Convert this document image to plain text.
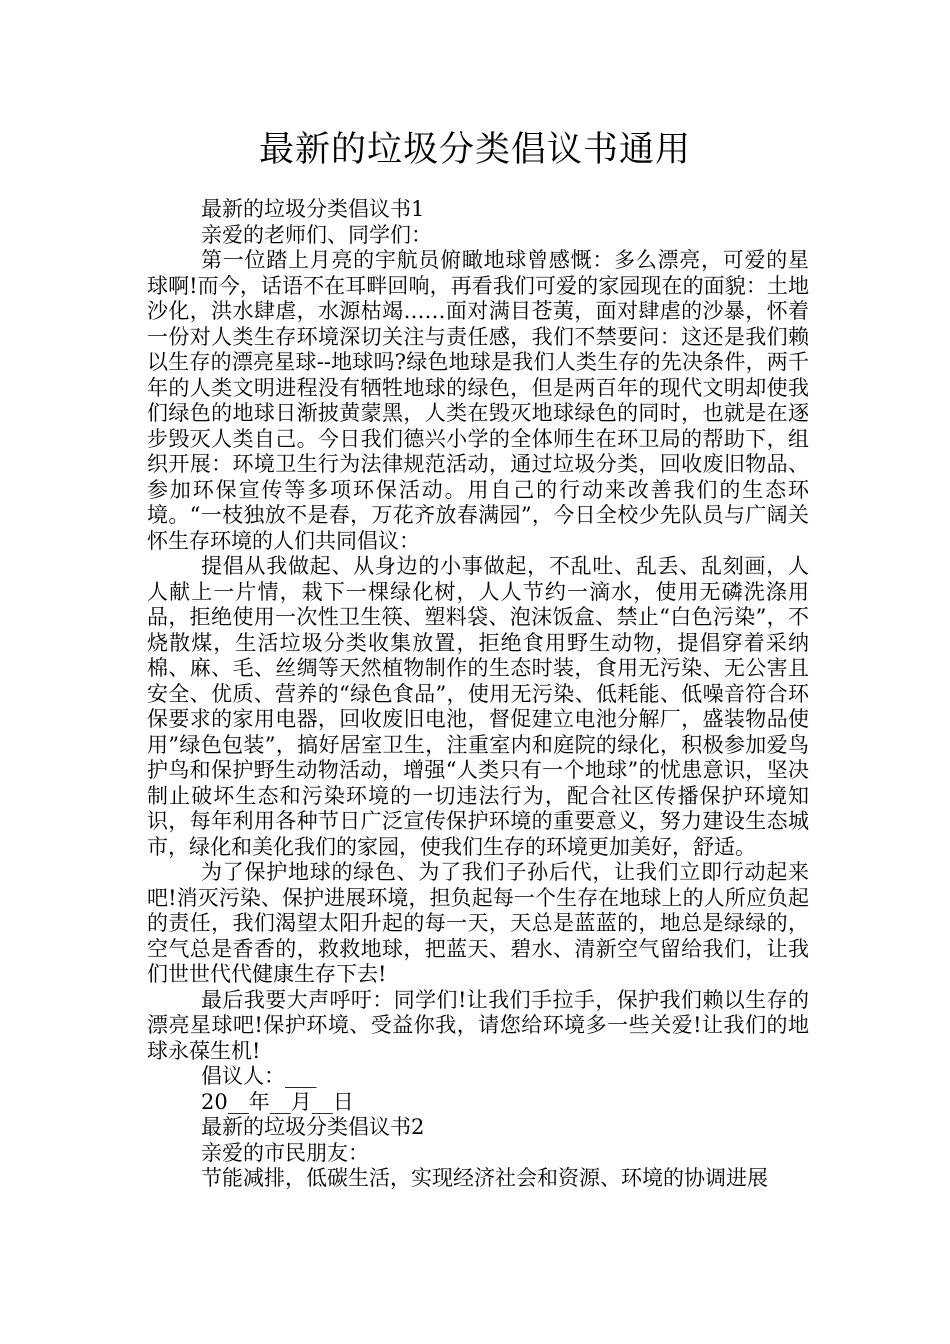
最新的垃圾分类倡议书通用

最新的垃圾分类倡议书1

亲爱的老师们、同学们：

第一位踏上月亮的宇航员俯瞰地球曾感慨：多么漂亮，可爱的星球啊!而今，话语不在耳畔回响，再看我们可爱的家园现在的面貌：土地沙化，洪水肆虐，水源枯竭……面对满目苍荑，面对肆虐的沙暴，怀着一份对人类生存环境深切关注与责任感，我们不禁要问：这还是我们赖以生存的漂亮星球--地球吗?绿色地球是我们人类生存的先决条件，两千年的人类文明进程没有牺牲地球的绿色，但是两百年的现代文明却使我们绿色的地球日渐披黄蒙黑，人类在毁灭地球绿色的同时，也就是在逐步毁灭人类自己。今日我们德兴小学的全体师生在环卫局的帮助下，组织开展：环境卫生行为法律规范活动，通过垃圾分类，回收废旧物品、参加环保宣传等多项环保活动。用自己的行动来改善我们的生态环境。“一枝独放不是春，万花齐放春满园”，今日全校少先队员与广阔关怀生存环境的人们共同倡议：

提倡从我做起、从身边的小事做起，不乱吐、乱丢、乱刻画，人人献上一片情，栽下一棵绿化树，人人节约一滴水，使用无磷洗涤用品，拒绝使用一次性卫生筷、塑料袋、泡沫饭盒、禁止“白色污染”，不烧散煤，生活垃圾分类收集放置，拒绝食用野生动物，提倡穿着采纳棉、麻、毛、丝绸等天然植物制作的生态时装，食用无污染、无公害且安全、优质、营养的“绿色食品”，使用无污染、低耗能、低噪音符合环保要求的家用电器，回收废旧电池，督促建立电池分解厂，盛装物品使用”绿色包装”，搞好居室卫生，注重室内和庭院的绿化，积极参加爱鸟护鸟和保护野生动物活动，增强“人类只有一个地球”的忧患意识，坚决制止破坏生态和污染环境的一切违法行为，配合社区传播保护环境知识，每年利用各种节日广泛宣传保护环境的重要意义，努力建设生态城市，绿化和美化我们的家园，使我们生存的环境更加美好，舒适。

为了保护地球的绿色、为了我们子孙后代，让我们立即行动起来吧!消灭污染、保护进展环境，担负起每一个生存在地球上的人所应负起的责任，我们渴望太阳升起的每一天，天总是蓝蓝的，地总是绿绿的，空气总是香香的，救救地球，把蓝天、碧水、清新空气留给我们，让我们世世代代健康生存下去!

最后我要大声呼吁：同学们!让我们手拉手，保护我们赖以生存的漂亮星球吧!保护环境、受益你我，请您给环境多一些关爱!让我们的地球永葆生机!

倡议人：___

20__年__月__日

最新的垃圾分类倡议书2

亲爱的市民朋友：

节能减排，低碳生活，实现经济社会和资源、环境的协调进展
